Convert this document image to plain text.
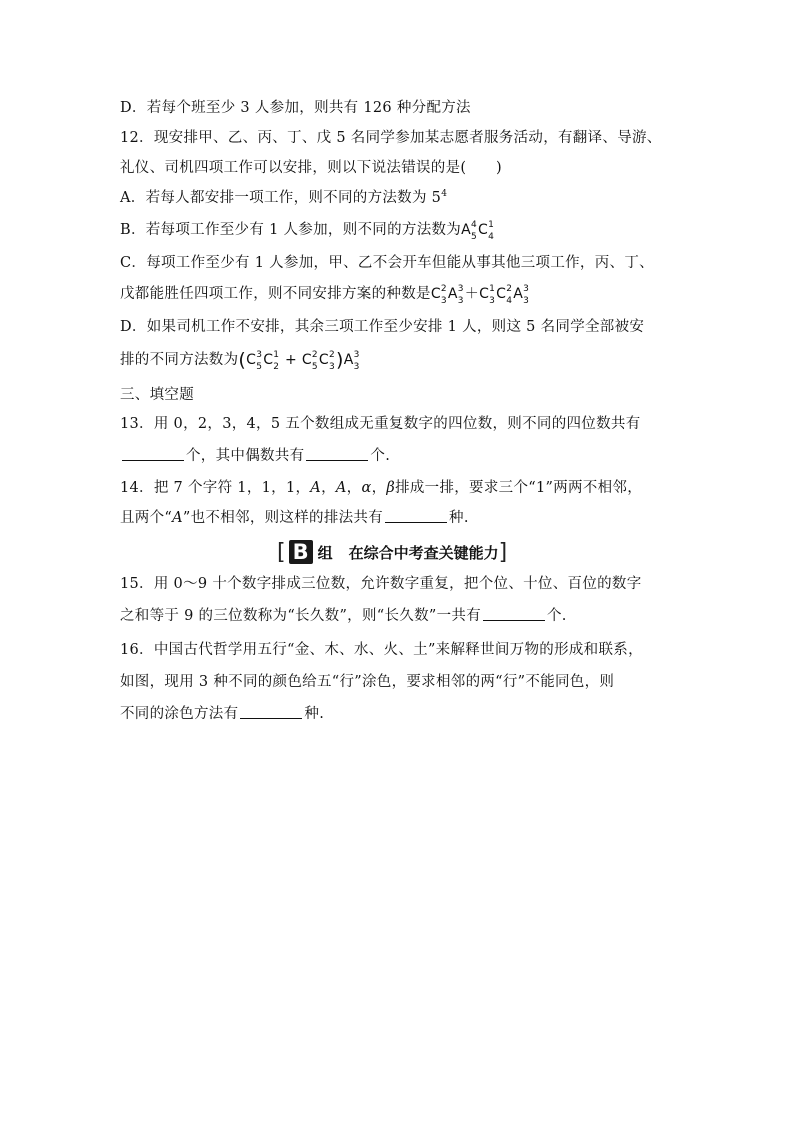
D．若每个班至少 3 人参加，则共有 126 种分配方法
12．现安排甲、乙、丙、丁、戊 5 名同学参加某志愿者服务活动，有翻译、导游、
礼仪、司机四项工作可以安排，则以下说法错误的是(　　)
A．若每人都安排一项工作，则不同的方法数为 $5^4$
B．若每项工作至少有 1 人参加，则不同的方法数为A 4
5 C 1
4
C．每项工作至少有 1 人参加，甲、乙不会开车但能从事其他三项工作，丙、丁、
戊都能胜任四项工作，则不同安排方案的种数是C 2
3 A 3
3 ＋C 1
3 C 2
4 A 3
3
D．如果司机工作不安排，其余三项工作至少安排 1 人，则这 5 名同学全部被安
排的不同方法数为(C 3
5 C 1
2 + C 2
5 C 2
3 )A 3
3
三、填空题
13．用 0，2，3，4，5 五个数组成无重复数字的四位数，则不同的四位数共有
个，其中偶数共有	个.
14．把 7 个字符 1，1，1，A，A，α，β排成一排，要求三个“1”两两不相邻，
且两个“A”也不相邻，则这样的排法共有	种.
[ B 组 在综合中考查关键能力 ]
15．用 0～9 十个数字排成三位数，允许数字重复，把个位、十位、百位的数字
之和等于 9 的三位数称为“长久数”，则“长久数”一共有	个.
16．中国古代哲学用五行“金、木、水、火、土”来解释世间万物的形成和联系，
如图，现用 3 种不同的颜色给五“行”涂色，要求相邻的两“行”不能同色，则
不同的涂色方法有	种.
